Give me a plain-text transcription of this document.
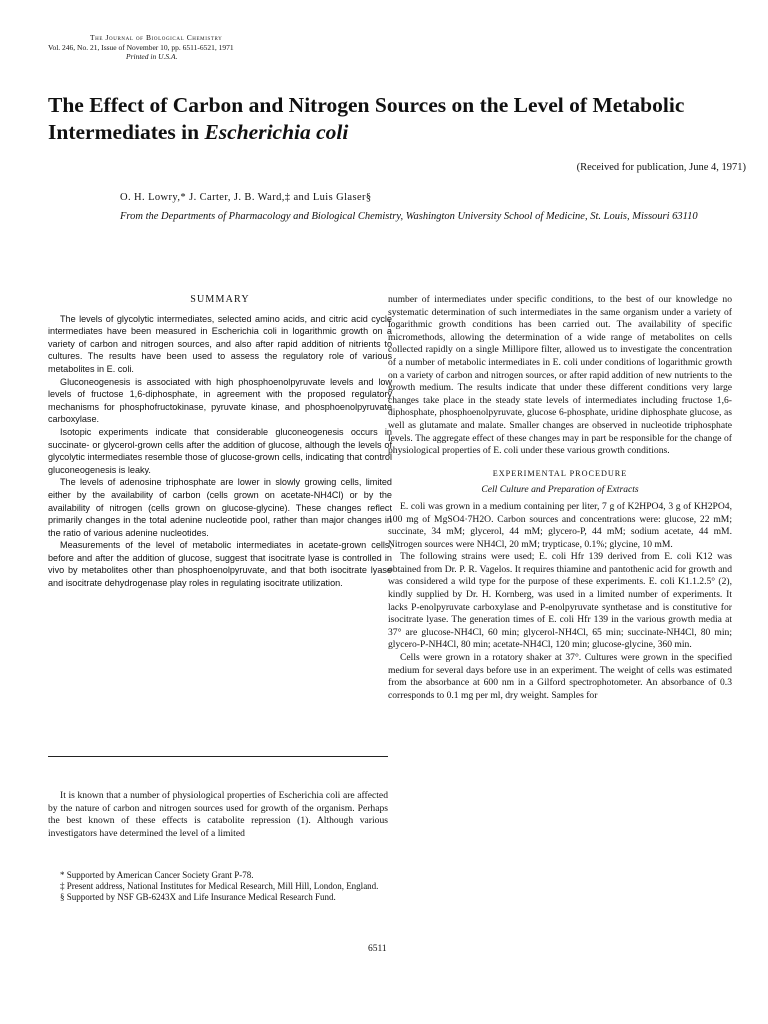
The Journal of Biological Chemistry
Vol. 246, No. 21, Issue of November 10, pp. 6511-6521, 1971
Printed in U.S.A.
The Effect of Carbon and Nitrogen Sources on the Level of Metabolic Intermediates in Escherichia coli
(Received for publication, June 4, 1971)
O. H. Lowry,* J. Carter, J. B. Ward,‡ and Luis Glaser§
From the Departments of Pharmacology and Biological Chemistry, Washington University School of Medicine, St. Louis, Missouri 63110
SUMMARY

The levels of glycolytic intermediates, selected amino acids, and citric acid cycle intermediates have been measured in Escherichia coli in logarithmic growth on a variety of carbon and nitrogen sources, and also after rapid addition of nitrients to cultures. The results have been used to assess the regulatory role of various metabolites in E. coli.

Gluconeogenesis is associated with high phosphoenolpyruvate levels and low levels of fructose 1,6-diphosphate, in agreement with the proposed regulatory mechanisms for phosphofructokinase, pyruvate kinase, and phosphoenolpyruvate carboxylase.

Isotopic experiments indicate that considerable gluconeogenesis occurs in succinate- or glycerol-grown cells after the addition of glucose, although the levels of glycolytic intermediates resemble those of glucose-grown cells, indicating that control gluconeogenesis is leaky.

The levels of adenosine triphosphate are lower in slowly growing cells, limited either by the availability of carbon (cells grown on acetate-NH4Cl) or by the availability of nitrogen (cells grown on glucose-glycine). These changes reflect primarily changes in the total adenine nucleotide pool, rather than major changes in the ratio of various adenine nucleotides.

Measurements of the level of metabolic intermediates in acetate-grown cells, before and after the addition of glucose, suggest that isocitrate lyase is controlled in vivo by metabolites other than phosphoenolpyruvate, and that both isocitrate lyase and isocitrate dehydrogenase play roles in regulating isocitrate utilization.

It is known that a number of physiological properties of Escherichia coli are affected by the nature of carbon and nitrogen sources used for growth of the organism. Perhaps the best known of these effects is catabolite repression (1). Although various investigators have determined the level of a limited

* Supported by American Cancer Society Grant P-78.
‡ Present address, National Institutes for Medical Research, Mill Hill, London, England.
§ Supported by NSF GB-6243X and Life Insurance Medical Research Fund.

number of intermediates under specific conditions, to the best of our knowledge no systematic determination of such intermediates in the same organism under a variety of logarithmic growth conditions has been carried out. The availability of specific micromethods, allowing the determination of a wide range of metabolites on cells collected rapidly on a single Millipore filter, allowed us to investigate the concentration of a number of metabolic intermediates in E. coli under conditions of logarithmic growth on a variety of carbon and nitrogen sources, or after rapid addition of new nutrients to the growth medium. The results indicate that under these different conditions very large changes take place in the steady state levels of intermediates including fructose 1,6-diphosphate, phosphoenolpyruvate, glucose 6-phosphate, uridine diphosphate glucose, as well as glutamate and malate. Smaller changes are observed in nucleotide triphosphate levels. The aggregate effect of these changes may in part be responsible for the change of physiological properties of E. coli under these various growth conditions.

EXPERIMENTAL PROCEDURE
Cell Culture and Preparation of Extracts

E. coli was grown in a medium containing per liter, 7 g of K2HPO4, 3 g of KH2PO4, 100 mg of MgSO4·7H2O. Carbon sources and concentrations were: glucose, 22 mM; succinate, 34 mM; glycerol, 44 mM; glycero-P, 44 mM; sodium acetate, 44 mM. Nitrogen sources were NH4Cl, 20 mM; trypticase, 0.1%; glycine, 10 mM.

The following strains were used; E. coli Hfr 139 derived from E. coli K12 was obtained from Dr. P. R. Vagelos. It requires thiamine and pantothenic acid for growth and was considered a wild type for the purpose of these experiments. E. coli K1.1.2.5° (2), kindly supplied by Dr. H. Kornberg, was used in a limited number of experiments. It lacks P-enolpyruvate carboxylase and P-enolpyruvate synthetase and is constitutive for isocitrate lyase. The generation times of E. coli Hfr 139 in the various growth media at 37° are glucose-NH4Cl, 60 min; glycerol-NH4Cl, 65 min; succinate-NH4Cl, 80 min; glycero-P-NH4Cl, 80 min; acetate-NH4Cl, 120 min; glucose-glycine, 360 min.

Cells were grown in a rotatory shaker at 37°. Cultures were grown in the specified medium for several days before use in an experiment. The weight of cells was estimated from the absorbance at 600 nm in a Gilford spectrophotometer. An absorbance of 0.3 corresponds to 0.1 mg per ml, dry weight. Samples for

6511
